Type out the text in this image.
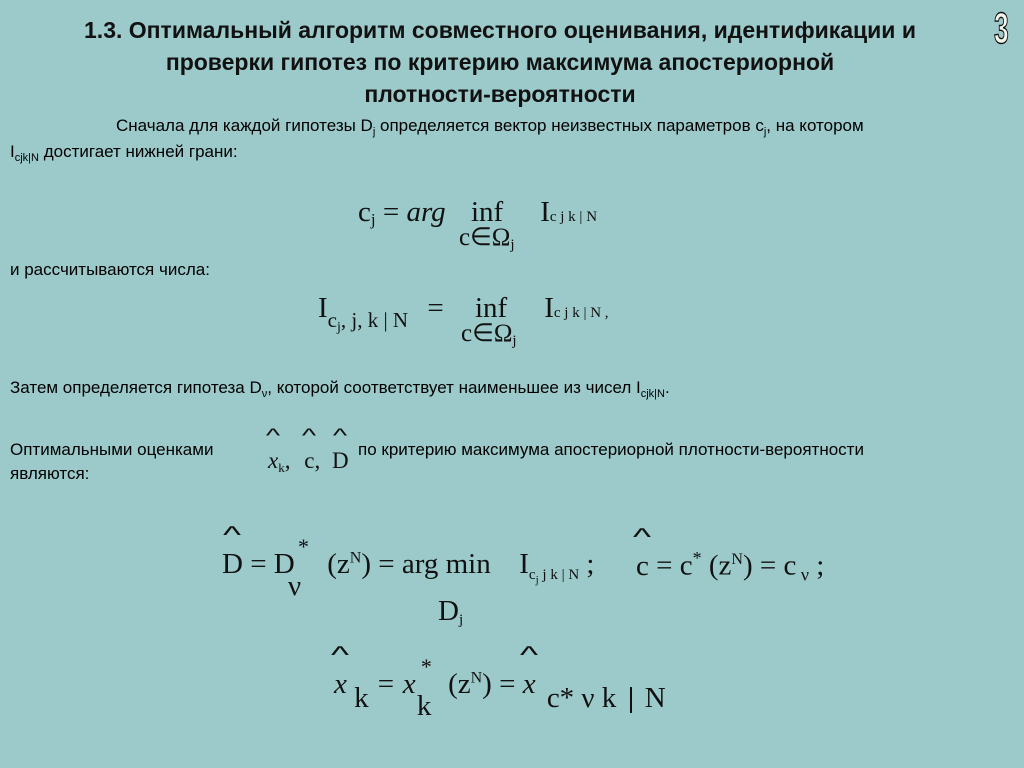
1.3. Оптимальный алгоритм совместного оценивания, идентификации и
проверки гипотез по критерию максимума апостериорной
плотности-вероятности
3
Сначала для каждой гипотезы $D_j$ определяется вектор неизвестных параметров $c_j$, на котором
$I_{cjk|N}$ достигает нижней грани:
$c_j$ = arg inf
$c\in\Omega_j$
Ic j k | N
и рассчитываются числа:
$I_{c_j, j, k | N}$ = inf
$c\in\Omega_j$
Ic j k | N ,
Затем определяется гипотеза $D_\nu$, которой соответствует наименьшее из чисел $I_{cjk|N}$.
Оптимальными оценками ^ $x_k$, ^ c, ^ D по критерию максимума апостериорной плотности-вероятности
являются:
^ D = D
*
ν
$(z^N)$ = arg min
$D_j$
$I_{c_j j k | N}$ ; ^ c = c* $(z^N) = c$ $_\nu$ ;
^ x k = x
*
k
$(z^N)$ = ^ x c* ν k N
